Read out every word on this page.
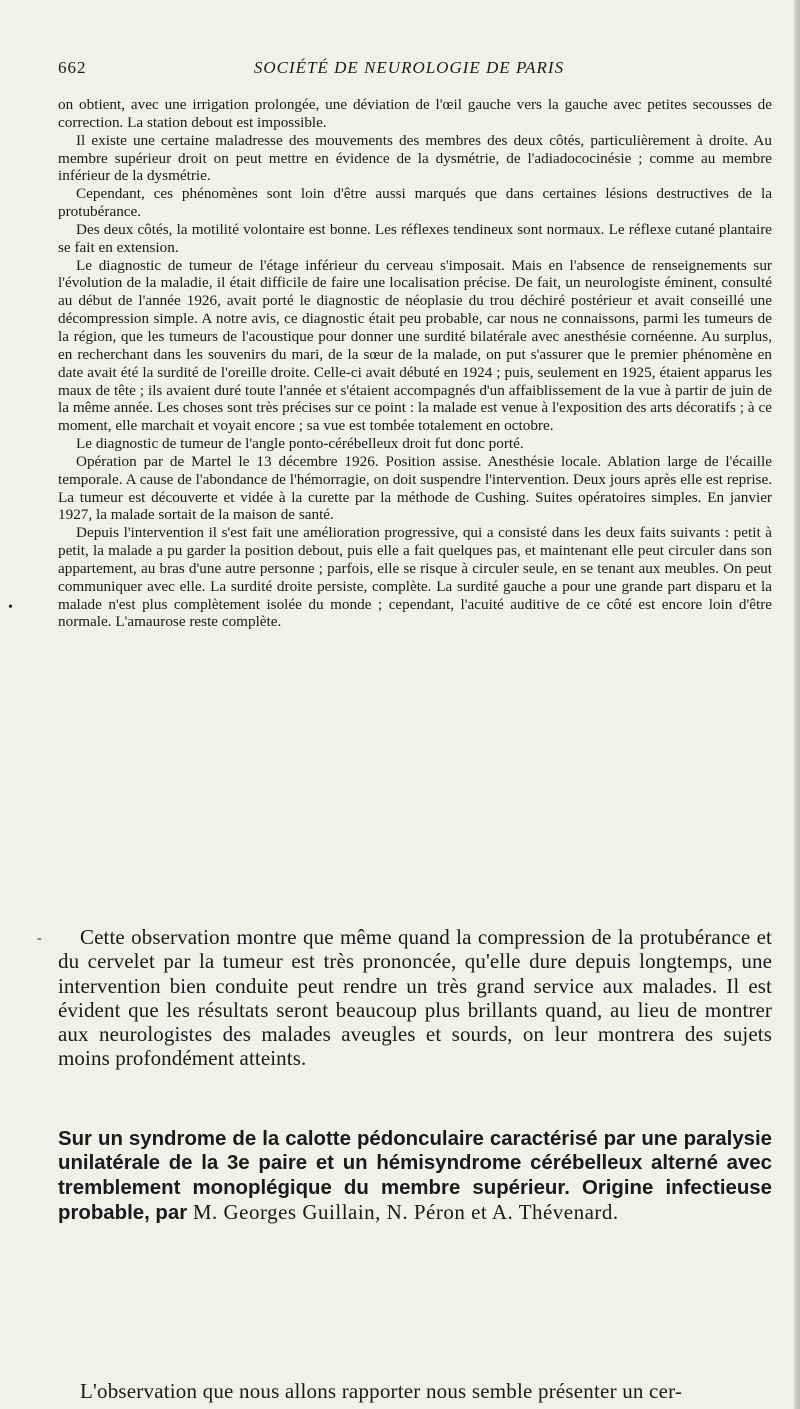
662	SOCIÉTÉ DE NEUROLOGIE DE PARIS

on obtient, avec une irrigation prolongée, une déviation de l'œil gauche vers la gauche avec petites secousses de correction. La station debout est impossible.

Il existe une certaine maladresse des mouvements des membres des deux côtés, particulièrement à droite. Au membre supérieur droit on peut mettre en évidence de la dysmétrie, de l'adiadococinésie ; comme au membre inférieur de la dysmétrie.

Cependant, ces phénomènes sont loin d'être aussi marqués que dans certaines lésions destructives de la protubérance.

Des deux côtés, la motilité volontaire est bonne. Les réflexes tendineux sont normaux. Le réflexe cutané plantaire se fait en extension.

Le diagnostic de tumeur de l'étage inférieur du cerveau s'imposait. Mais en l'absence de renseignements sur l'évolution de la maladie, il était difficile de faire une localisation précise. De fait, un neurologiste éminent, consulté au début de l'année 1926, avait porté le diagnostic de néoplasie du trou déchiré postérieur et avait conseillé une décompression simple. A notre avis, ce diagnostic était peu probable, car nous ne connaissons, parmi les tumeurs de la région, que les tumeurs de l'acoustique pour donner une surdité bilatérale avec anesthésie cornéenne. Au surplus, en recherchant dans les souvenirs du mari, de la sœur de la malade, on put s'assurer que le premier phénomène en date avait été la surdité de l'oreille droite. Celle-ci avait débuté en 1924 ; puis, seulement en 1925, étaient apparus les maux de tête ; ils avaient duré toute l'année et s'étaient accompagnés d'un affaiblissement de la vue à partir de juin de la même année. Les choses sont très précises sur ce point : la malade est venue à l'exposition des arts décoratifs ; à ce moment, elle marchait et voyait encore ; sa vue est tombée totalement en octobre.

Le diagnostic de tumeur de l'angle ponto-cérébelleux droit fut donc porté.

Opération par de Martel le 13 décembre 1926. Position assise. Anesthésie locale. Ablation large de l'écaille temporale. A cause de l'abondance de l'hémorragie, on doit suspendre l'intervention. Deux jours après elle est reprise. La tumeur est découverte et vidée à la curette par la méthode de Cushing. Suites opératoires simples. En janvier 1927, la malade sortait de la maison de santé.

Depuis l'intervention il s'est fait une amélioration progressive, qui a consisté dans les deux faits suivants : petit à petit, la malade a pu garder la position debout, puis elle a fait quelques pas, et maintenant elle peut circuler dans son appartement, au bras d'une autre personne ; parfois, elle se risque à circuler seule, en se tenant aux meubles. On peut communiquer avec elle. La surdité droite persiste, complète. La surdité gauche a pour une grande part disparu et la malade n'est plus complètement isolée du monde ; cependant, l'acuité auditive de ce côté est encore loin d'être normale. L'amaurose reste complète.

Cette observation montre que même quand la compression de la protubérance et du cervelet par la tumeur est très prononcée, qu'elle dure depuis longtemps, une intervention bien conduite peut rendre un très grand service aux malades. Il est évident que les résultats seront beaucoup plus brillants quand, au lieu de montrer aux neurologistes des malades aveugles et sourds, on leur montrera des sujets moins profondément atteints.

Sur un syndrome de la calotte pédonculaire caractérisé par une paralysie unilatérale de la 3e paire et un hémisyndrome cérébelleux alterné avec tremblement monoplégique du membre supérieur. Origine infectieuse probable, par M. Georges Guillain, N. Péron et A. Thévenard.
L'observation que nous allons rapporter nous semble présenter un cer-
•
-
